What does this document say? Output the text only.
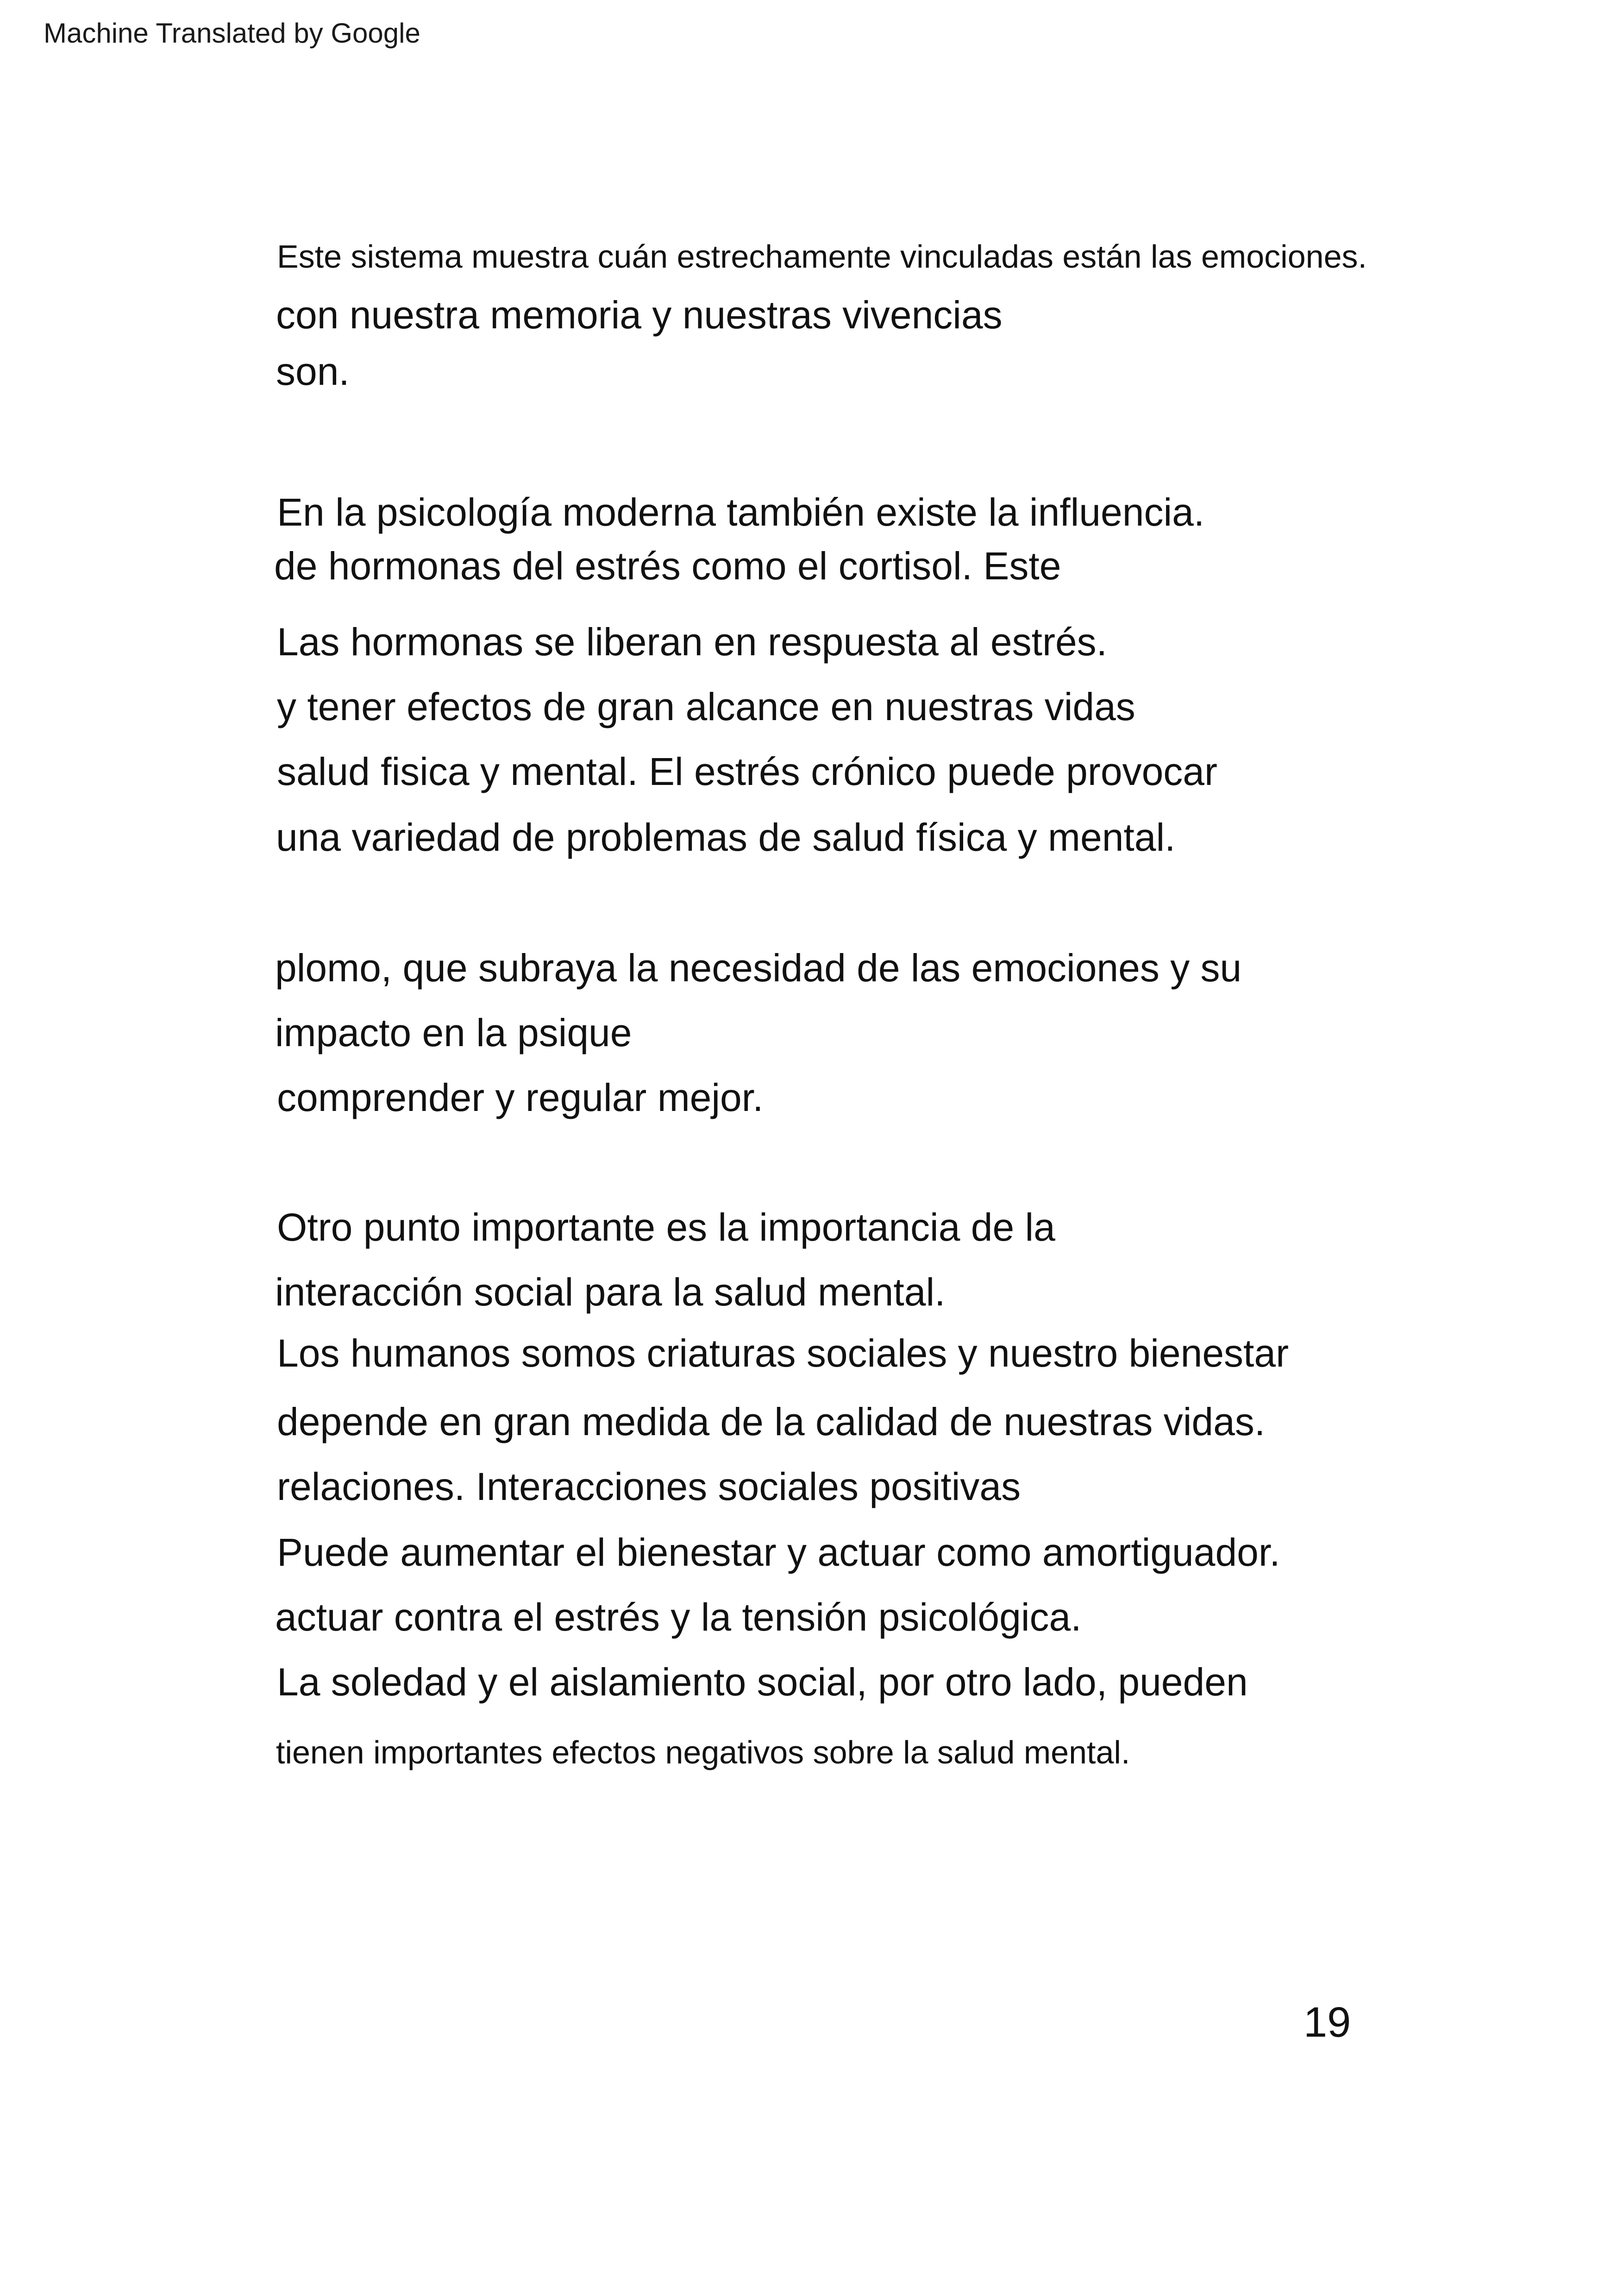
Machine Translated by Google
Este sistema muestra cuán estrechamente vinculadas están las emociones.
con nuestra memoria y nuestras vivencias
son.
En la psicología moderna también existe la influencia.
de hormonas del estrés como el cortisol. Este
Las hormonas se liberan en respuesta al estrés.
y tener efectos de gran alcance en nuestras vidas
salud fisica y mental. El estrés crónico puede provocar
una variedad de problemas de salud física y mental.
plomo, que subraya la necesidad de las emociones y su
impacto en la psique
comprender y regular mejor.
Otro punto importante es la importancia de la
interacción social para la salud mental.
Los humanos somos criaturas sociales y nuestro bienestar
depende en gran medida de la calidad de nuestras vidas.
relaciones. Interacciones sociales positivas
Puede aumentar el bienestar y actuar como amortiguador.
actuar contra el estrés y la tensión psicológica.
La soledad y el aislamiento social, por otro lado, pueden
tienen importantes efectos negativos sobre la salud mental.
19
